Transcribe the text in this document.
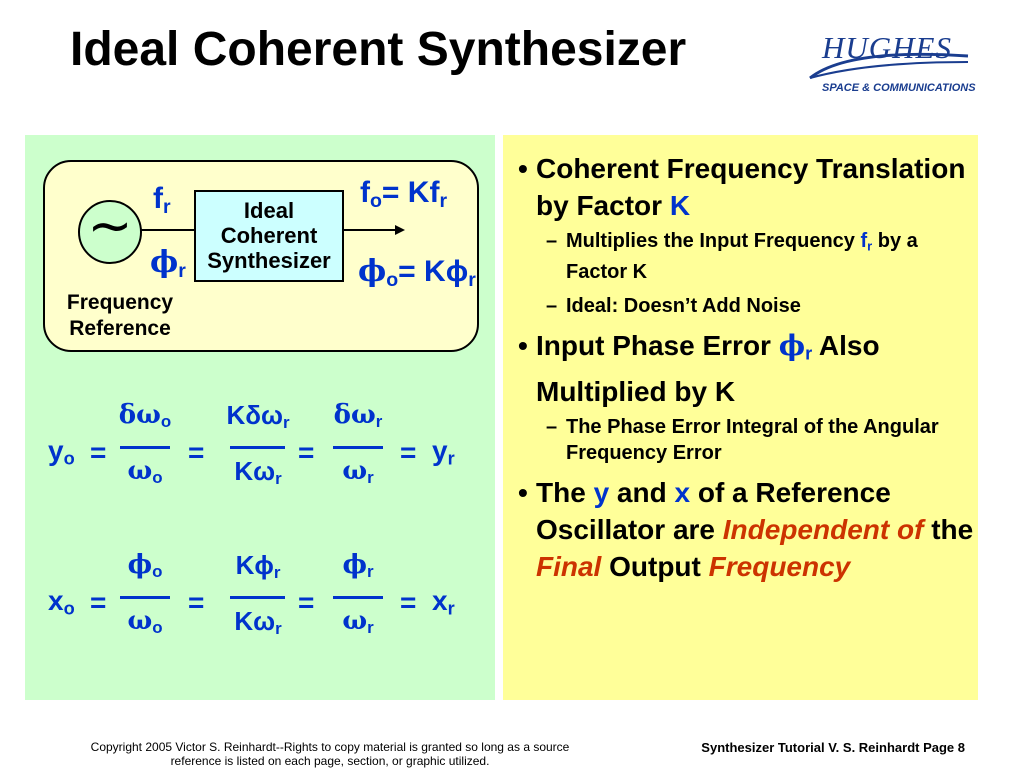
Ideal Coherent Synthesizer	HUGHES
SPACE & COMMUNICATIONS
∼	Ideal
Coherent
Synthesizer
$f_r$
$\phi_r$
$f_o= Kf_r$
$\phi_o= K\phi_r$
Frequency
Reference
$y_o$ =
$\delta\omega_o$
$\omega_o$
=
Kδω$_r$
$K\omega_r$
=
$\delta\omega_r$
$\omega_r$
= $y_r$
$x_o$ =
$\phi_o$
$\omega_o$
=
$K\phi_r$
$K\omega_r$
=
$\phi_r$
$\omega_r$
= $x_r$
• Coherent Frequency Translation by Factor K
– Multiplies the Input Frequency $f_r$ by a Factor K
– Ideal: Doesn’t Add Noise
• Input Phase Error $\phi_r$ Also Multiplied by K
– The Phase Error Integral of the Angular Frequency Error
• The y and x of a Reference Oscillator are Independent of the Final Output Frequency
Copyright 2005 Victor S. Reinhardt--Rights to copy material is granted so long as a source
reference is listed on each page, section, or graphic utilized.
Synthesizer Tutorial V. S. Reinhardt Page 8
